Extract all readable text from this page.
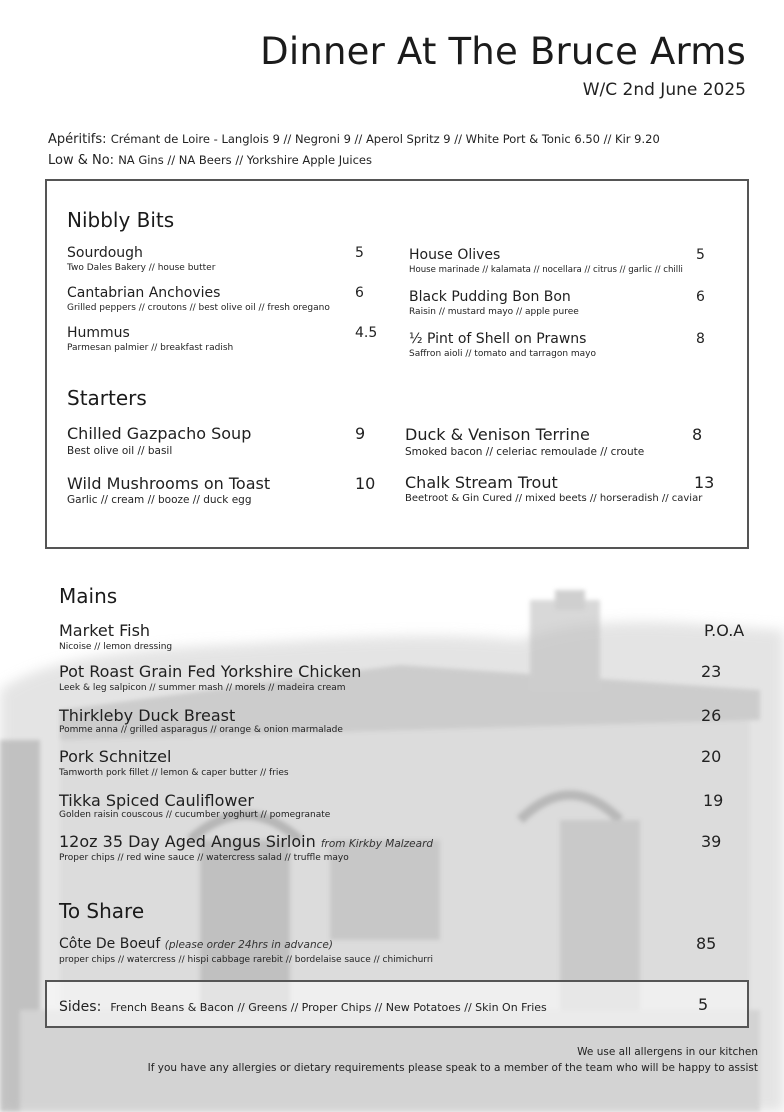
Dinner At The Bruce Arms
W/C 2nd June 2025
Apéritifs: Crémant de Loire - Langlois 9 // Negroni 9 // Aperol Spritz 9 // White Port & Tonic 6.50 // Kir 9.20
Low & No: NA Gins // NA Beers // Yorkshire Apple Juices
Nibbly Bits
Sourdough
Two Dales Bakery // house butter
5
Cantabrian Anchovies
Grilled peppers // croutons // best olive oil // fresh oregano
6
Hummus
Parmesan palmier // breakfast radish
4.5
House Olives
House marinade // kalamata // nocellara // citrus // garlic // chilli
5
Black Pudding Bon Bon
Raisin // mustard mayo // apple puree
6
½ Pint of Shell on Prawns
Saffron aioli // tomato and tarragon mayo
8
Starters
Chilled Gazpacho Soup
Best olive oil // basil
9
Wild Mushrooms on Toast
Garlic // cream // booze // duck egg
10
Duck & Venison Terrine
Smoked bacon // celeriac remoulade // croute
8
Chalk Stream Trout
Beetroot & Gin Cured // mixed beets // horseradish // caviar
13
Mains
Market Fish
Nicoise // lemon dressing
P.O.A
Pot Roast Grain Fed Yorkshire Chicken
Leek & leg salpicon // summer mash // morels // madeira cream
23
Thirkleby Duck Breast
Pomme anna // grilled asparagus // orange & onion marmalade
26
Pork Schnitzel
Tamworth pork fillet // lemon & caper butter // fries
20
Tikka Spiced Cauliflower
Golden raisin couscous // cucumber yoghurt // pomegranate
19
12oz 35 Day Aged Angus Sirloin from Kirkby Malzeard
Proper chips // red wine sauce // watercress salad // truffle mayo
39
To Share
Côte De Boeuf (please order 24hrs in advance)
proper chips // watercress // hispi cabbage rarebit // bordelaise sauce // chimichurri
85
Sides: French Beans & Bacon // Greens // Proper Chips // New Potatoes // Skin On Fries	5
We use all allergens in our kitchen
If you have any allergies or dietary requirements please speak to a member of the team who will be happy to assist
